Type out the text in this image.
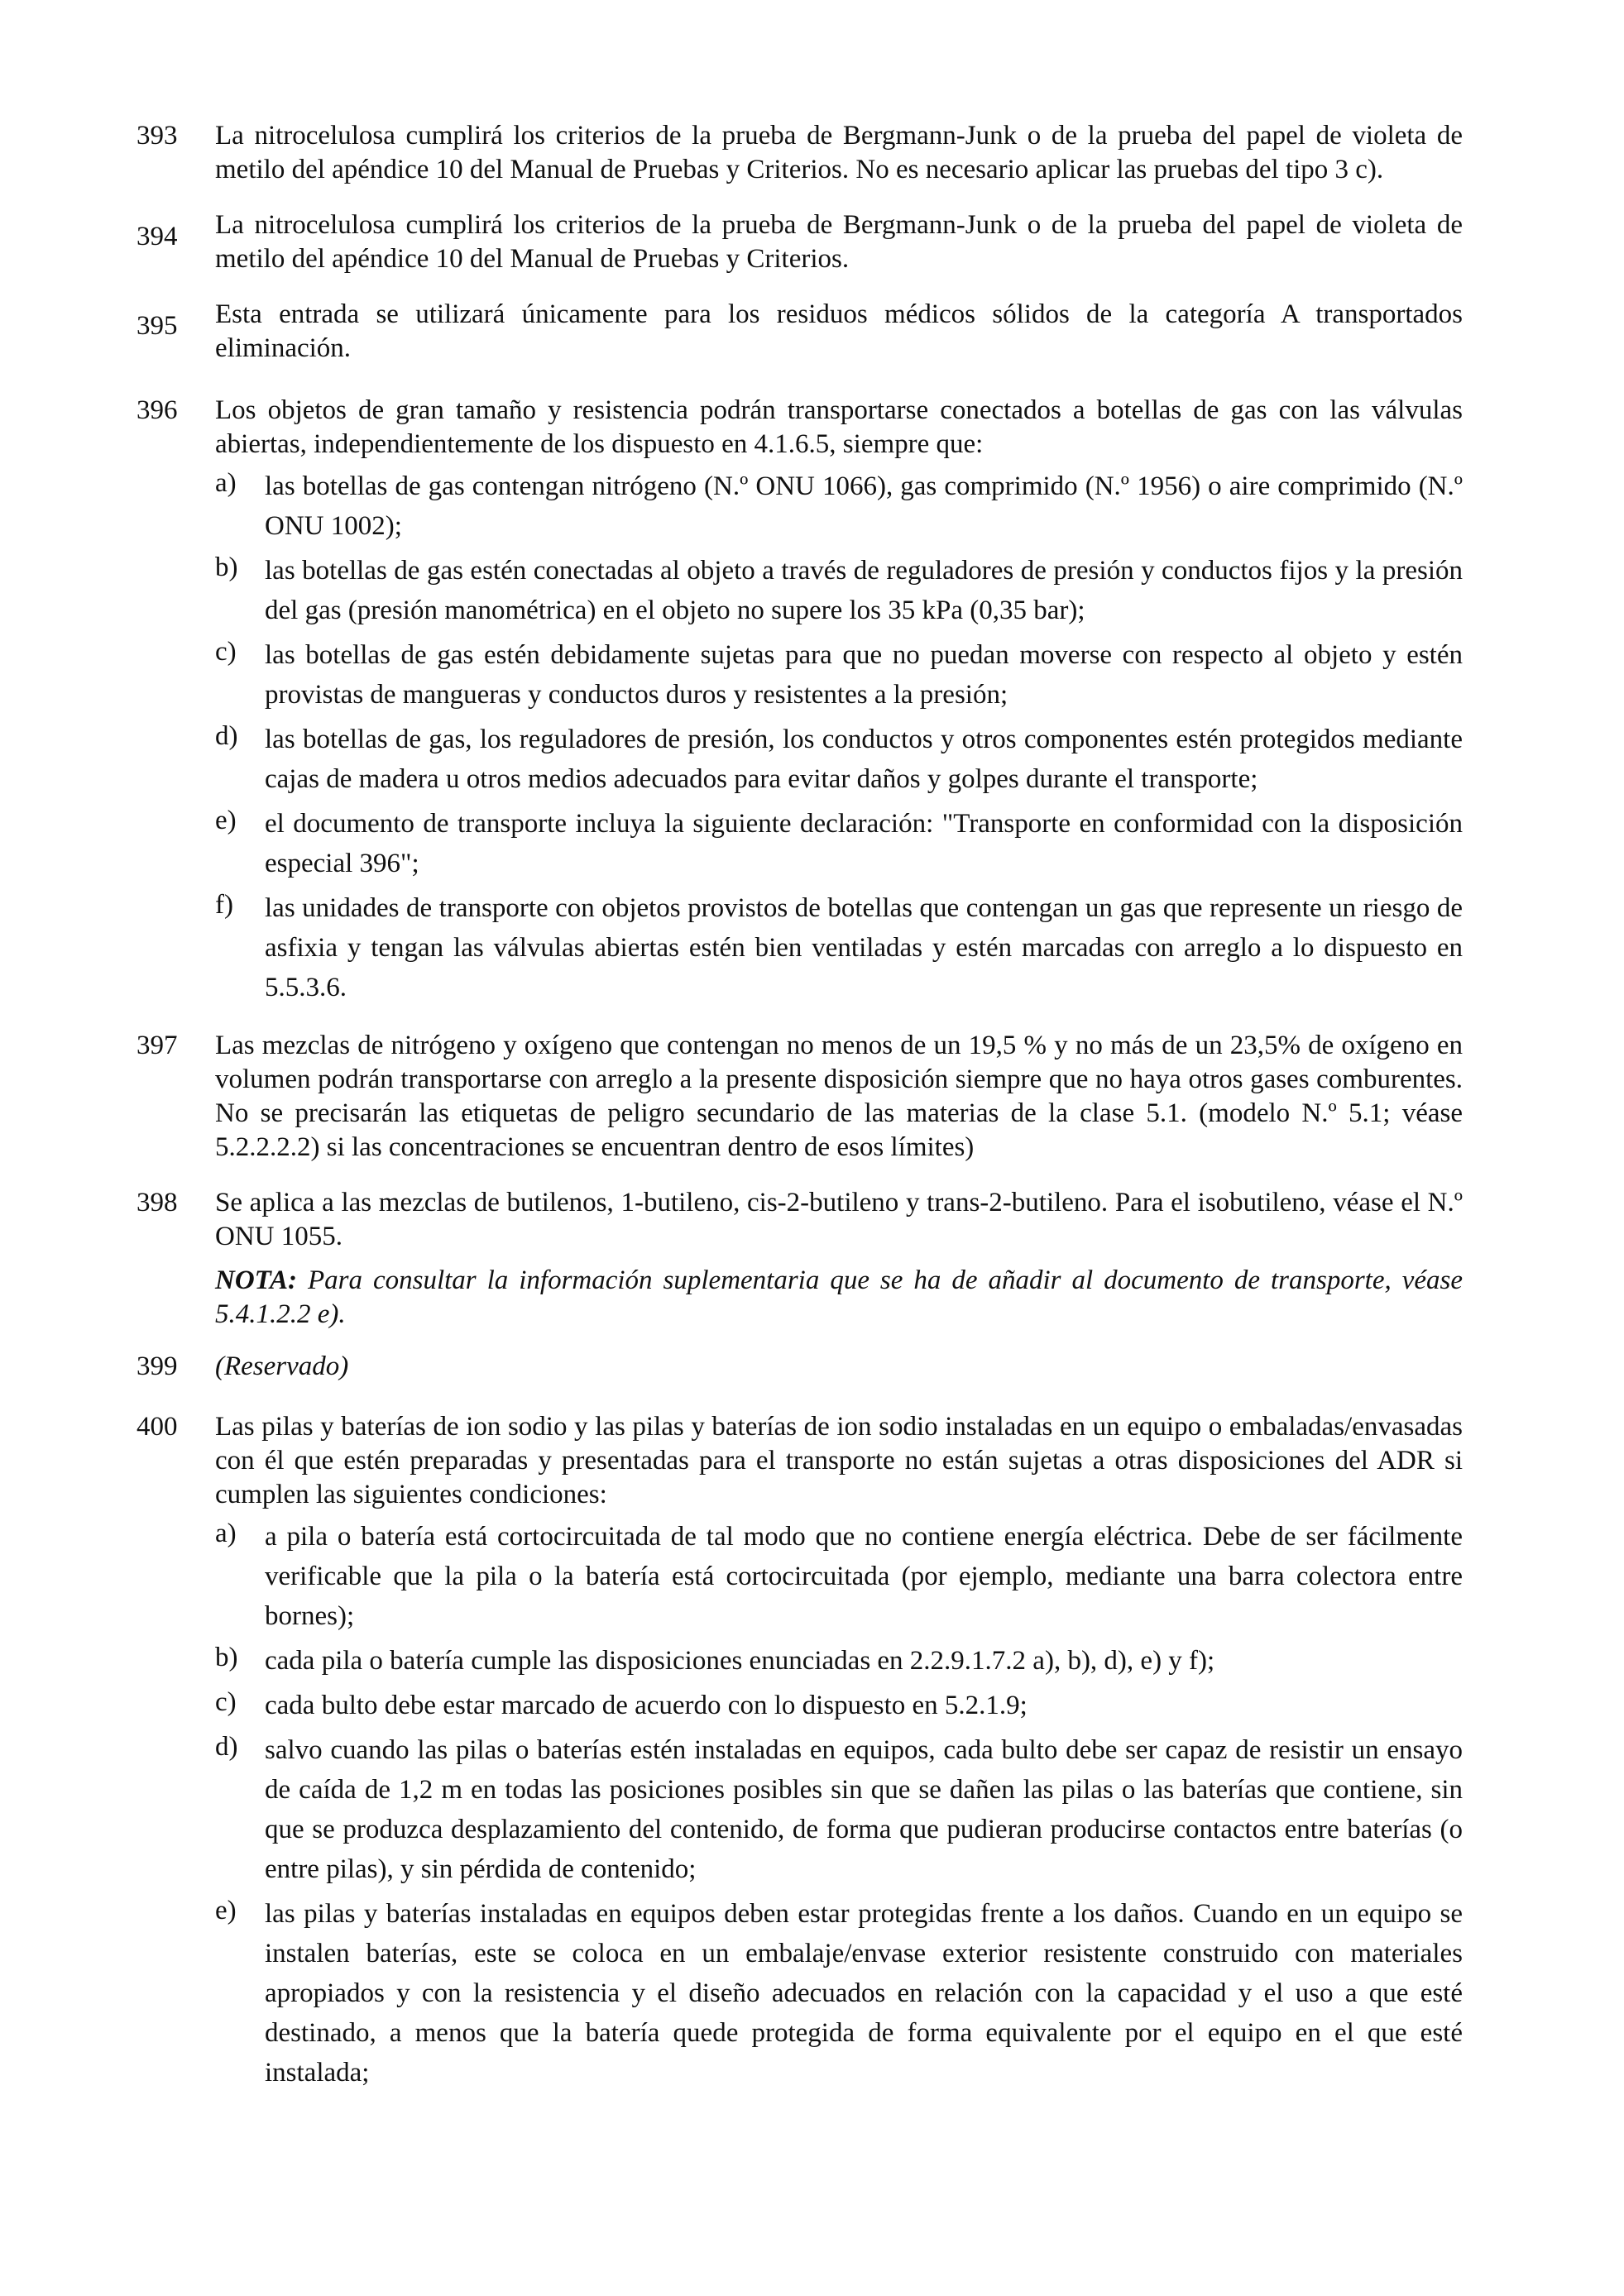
393	La nitrocelulosa cumplirá los criterios de la prueba de Bergmann-Junk o de la prueba del papel de violeta de metilo del apéndice 10 del Manual de Pruebas y Criterios. No es necesario aplicar las pruebas del tipo 3 c).

394	La nitrocelulosa cumplirá los criterios de la prueba de Bergmann-Junk o de la prueba del papel de violeta de metilo del apéndice 10 del Manual de Pruebas y Criterios.

395	Esta entrada se utilizará únicamente para los residuos médicos sólidos de la categoría A transportados eliminación.

396	Los objetos de gran tamaño y resistencia podrán transportarse conectados a botellas de gas con las válvulas abiertas, independientemente de los dispuesto en 4.1.6.5, siempre que:

a)	las botellas de gas contengan nitrógeno (N.º ONU 1066), gas comprimido (N.º 1956) o aire comprimido (N.º ONU 1002);
b) las botellas de gas estén conectadas al objeto a través de reguladores de presión y conductos fijos y la presión del gas (presión manométrica) en el objeto no supere los 35 kPa (0,35 bar);
c)	las botellas de gas estén debidamente sujetas para que no puedan moverse con respecto al objeto y estén provistas de mangueras y conductos duros y resistentes a la presión;
d) las botellas de gas, los reguladores de presión, los conductos y otros componentes estén protegidos mediante cajas de madera u otros medios adecuados para evitar daños y golpes durante el transporte;
e)	el documento de transporte incluya la siguiente declaración: "Transporte en conformidad con la disposición especial 396";
f)	las unidades de transporte con objetos provistos de botellas que contengan un gas que represente un riesgo de asfixia y tengan las válvulas abiertas estén bien ventiladas y estén marcadas con arreglo a lo dispuesto en 5.5.3.6.
397	Las mezclas de nitrógeno y oxígeno que contengan no menos de un 19,5 % y no más de un 23,5% de oxígeno en volumen podrán transportarse con arreglo a la presente disposición siempre que no haya otros gases comburentes. No se precisarán las etiquetas de peligro secundario de las materias de la clase 5.1. (modelo N.º 5.1; véase 5.2.2.2.2) si las concentraciones se encuentran dentro de esos límites)

398	Se aplica a las mezclas de butilenos, 1-butileno, cis-2-butileno y trans-2-butileno. Para el isobutileno, véase el N.º ONU 1055.

NOTA: Para consultar la información suplementaria que se ha de añadir al documento de transporte, véase 5.4.1.2.2 e).

399	(Reservado)

400	Las pilas y baterías de ion sodio y las pilas y baterías de ion sodio instaladas en un equipo o embaladas/envasadas con él que estén preparadas y presentadas para el transporte no están sujetas a otras disposiciones del ADR si cumplen las siguientes condiciones:

a)	a pila o batería está cortocircuitada de tal modo que no contiene energía eléctrica. Debe de ser fácilmente verificable que la pila o la batería está cortocircuitada (por ejemplo, mediante una barra colectora entre bornes);
b) cada pila o batería cumple las disposiciones enunciadas en 2.2.9.1.7.2 a), b), d), e) y f);
c)	cada bulto debe estar marcado de acuerdo con lo dispuesto en 5.2.1.9;
d) salvo cuando las pilas o baterías estén instaladas en equipos, cada bulto debe ser capaz de resistir un ensayo de caída de 1,2 m en todas las posiciones posibles sin que se dañen las pilas o las baterías que contiene, sin que se produzca desplazamiento del contenido, de forma que pudieran producirse contactos entre baterías (o entre pilas), y sin pérdida de contenido;
e)	las pilas y baterías instaladas en equipos deben estar protegidas frente a los daños. Cuando en un equipo se instalen baterías, este se coloca en un embalaje/envase exterior resistente construido con materiales apropiados y con la resistencia y el diseño adecuados en relación con la capacidad y el uso a que esté destinado, a menos que la batería quede protegida de forma equivalente por el equipo en el que esté instalada;
